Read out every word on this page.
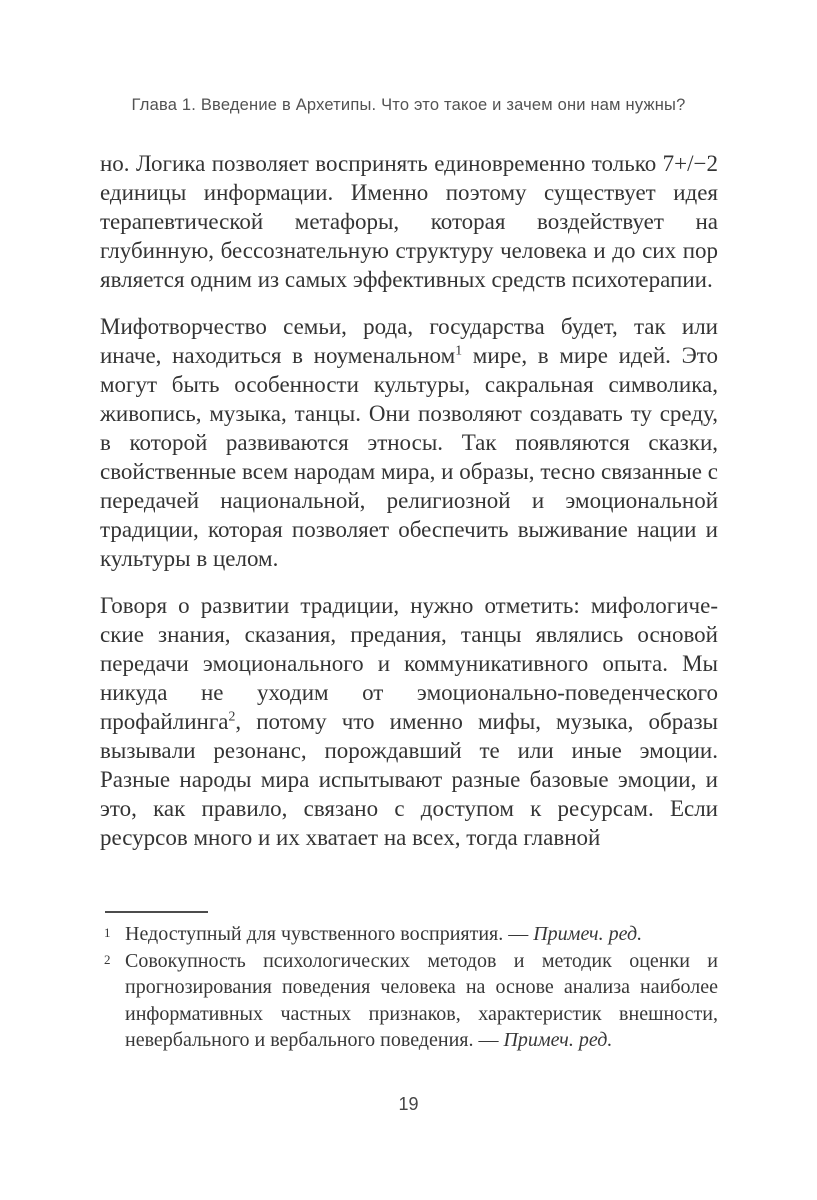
Глава 1. Введение в Архетипы. Что это такое и зачем они нам нужны?

но. Логика позволяет воспринять единовременно только 7+/−2 единицы информации. Именно поэтому существует идея терапевтической метафоры, которая воздействует на глубинную, бессознательную структуру человека и до сих пор является одним из самых эффективных средств психотерапии.

Мифотворчество семьи, рода, государства будет, так или иначе, находиться в ноуменальном$^1$ мире, в мире идей. Это могут быть особенности культуры, сакральная символика, живопись, музыка, танцы. Они позволяют создавать ту среду, в которой развиваются этносы. Так появляются сказки, свойственные всем народам мира, и образы, тесно связанные с передачей национальной, религиозной и эмоциональной традиции, которая позволяет обеспечить выживание нации и культуры в целом.

Говоря о развитии традиции, нужно отметить: мифологические знания, сказания, предания, танцы являлись основой передачи эмоционального и коммуникативного опыта. Мы никуда не уходим от эмоционально-поведенческого профайлинга$^2$, потому что именно мифы, музыка, образы вызывали резонанс, порождавший те или иные эмоции. Разные народы мира испытывают разные базовые эмоции, и это, как правило, связано с доступом к ресурсам. Если ресурсов много и их хватает на всех, тогда главной

1 Недоступный для чувственного восприятия. — Примеч. ред.
2 Совокупность психологических методов и методик оценки и прогнозирования поведения человека на основе анализа наиболее информативных частных признаков, характеристик внешности, невербального и вербального поведения. — Примеч. ред.
19
